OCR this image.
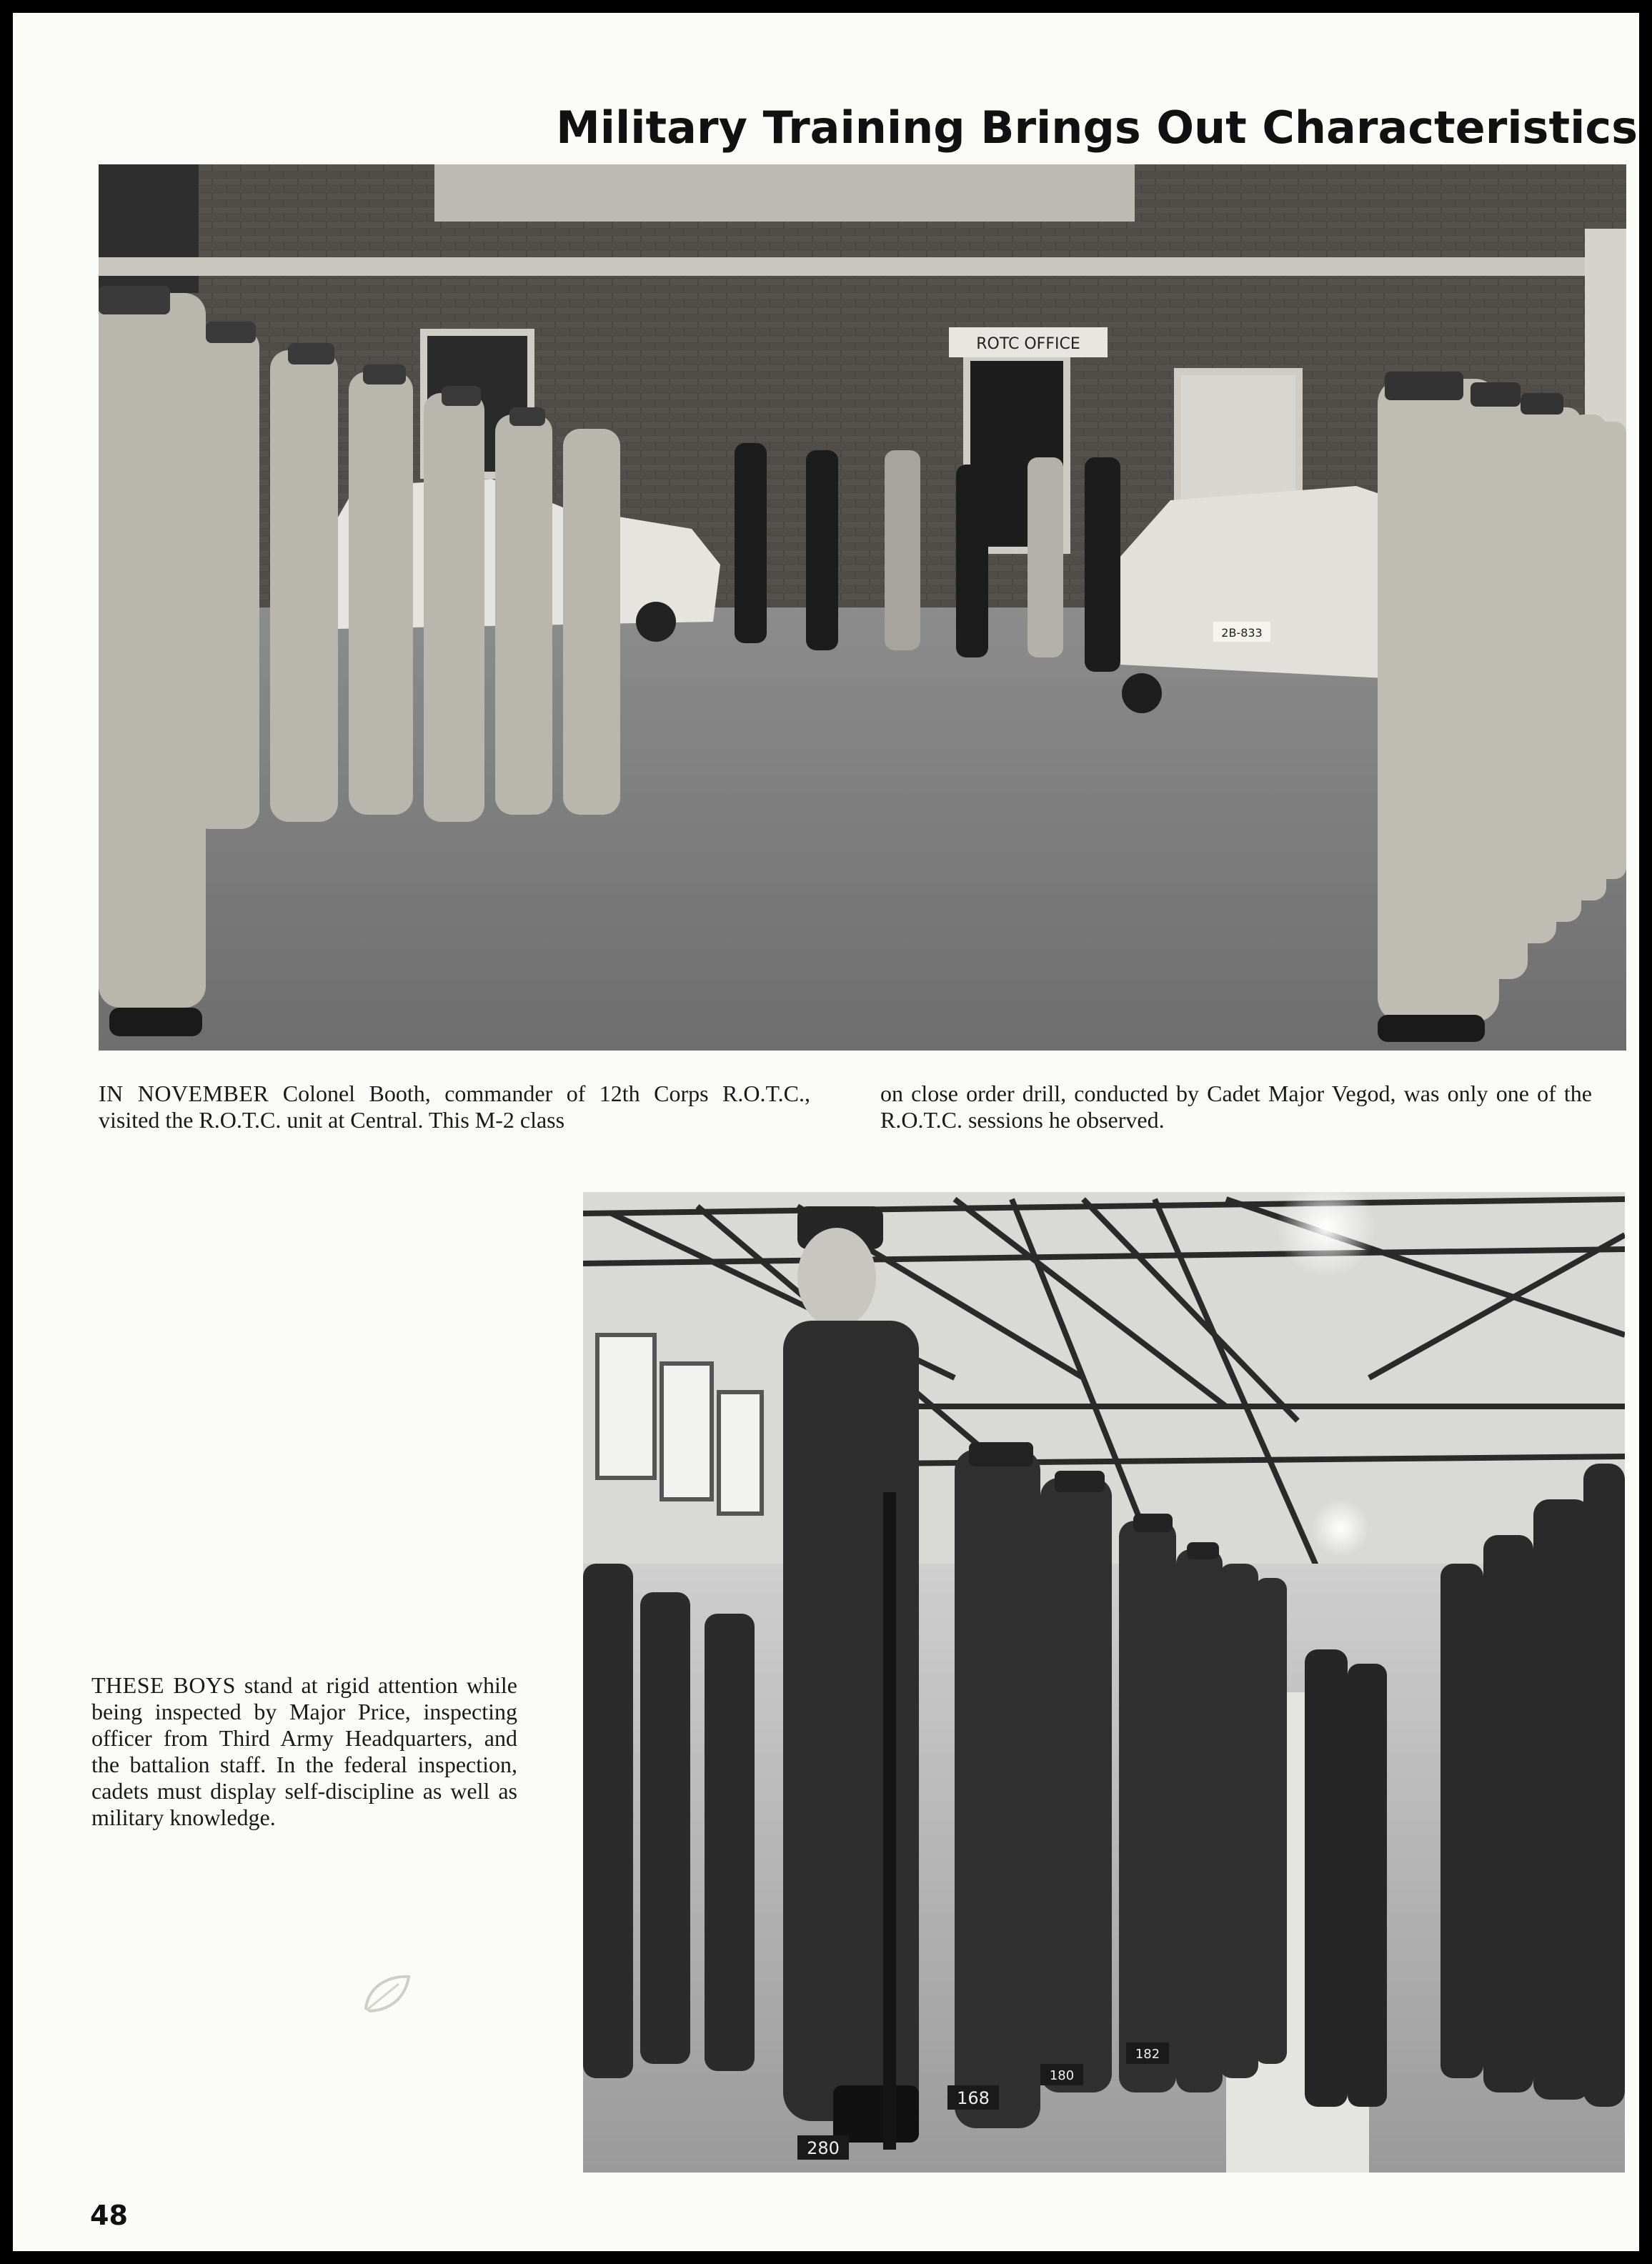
Military Training Brings Out Characteristics
ROTC OFFICE
2B-833

IN NOVEMBER Colonel Booth, commander of 12th Corps R.O.T.C., visited the R.O.T.C. unit at Central. This M-2 class

on close order drill, conducted by Cadet Major Vegod, was only one of the R.O.T.C. sessions he observed.

168
280
182
180

THESE BOYS stand at rigid attention while being inspected by Major Price, inspecting officer from Third Army Headquarters, and the battalion staff. In the federal inspection, cadets must display self-discipline as well as military knowledge.

48
